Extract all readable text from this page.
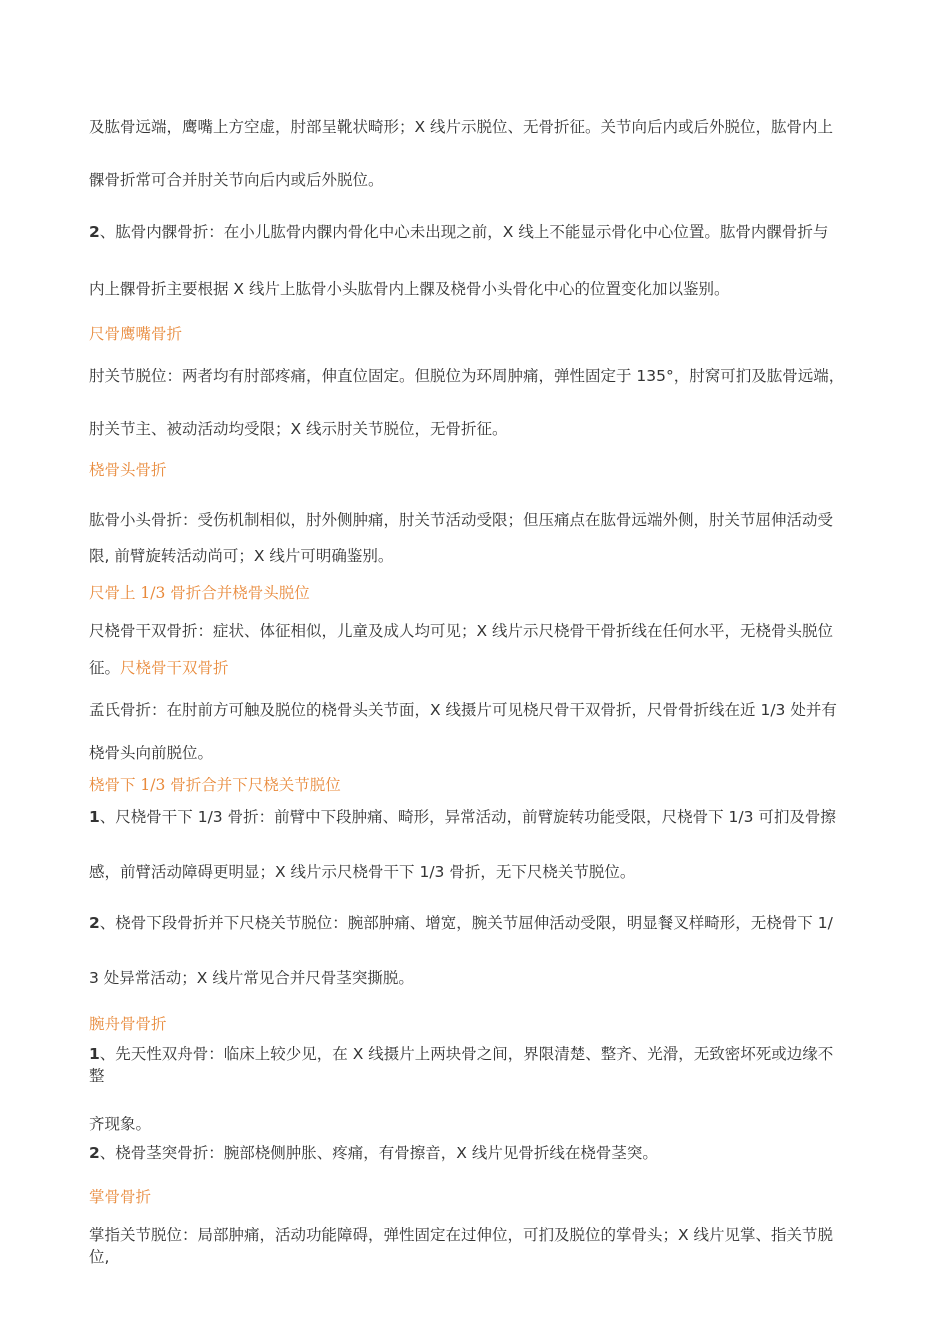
及肱骨远端，鹰嘴上方空虚，肘部呈靴状畸形；X 线片示脱位、无骨折征。关节向后内或后外脱位，肱骨内上
髁骨折常可合并肘关节向后内或后外脱位。
2、肱骨内髁骨折：在小儿肱骨内髁内骨化中心未出现之前，X 线上不能显示骨化中心位置。肱骨内髁骨折与
内上髁骨折主要根据 X 线片上肱骨小头肱骨内上髁及桡骨小头骨化中心的位置变化加以鉴别。
尺骨鹰嘴骨折
肘关节脱位：两者均有肘部疼痛，伸直位固定。但脱位为环周肿痛，弹性固定于 135°，肘窝可扪及肱骨远端，
肘关节主、被动活动均受限；X 线示肘关节脱位，无骨折征。
桡骨头骨折
肱骨小头骨折：受伤机制相似，肘外侧肿痛，肘关节活动受限；但压痛点在肱骨远端外侧，肘关节屈伸活动受
限, 前臂旋转活动尚可；X 线片可明确鉴别。
尺骨上 1/3 骨折合并桡骨头脱位
尺桡骨干双骨折：症状、体征相似，儿童及成人均可见；X 线片示尺桡骨干骨折线在任何水平，无桡骨头脱位
征。尺桡骨干双骨折
孟氏骨折：在肘前方可触及脱位的桡骨头关节面，X 线摄片可见桡尺骨干双骨折，尺骨骨折线在近 1/3 处并有
桡骨头向前脱位。
桡骨下 1/3 骨折合并下尺桡关节脱位
1、尺桡骨干下 1/3 骨折：前臂中下段肿痛、畸形，异常活动，前臂旋转功能受限，尺桡骨下 1/3 可扪及骨擦
感，前臂活动障碍更明显；X 线片示尺桡骨干下 1/3 骨折，无下尺桡关节脱位。
2、桡骨下段骨折并下尺桡关节脱位：腕部肿痛、增宽，腕关节屈伸活动受限，明显餐叉样畸形，无桡骨下 1/
3 处异常活动；X 线片常见合并尺骨茎突撕脱。
腕舟骨骨折
1、先天性双舟骨：临床上较少见，在 X 线摄片上两块骨之间，界限清楚、整齐、光滑，无致密坏死或边缘不
整
齐现象。
2、桡骨茎突骨折：腕部桡侧肿胀、疼痛，有骨擦音，X 线片见骨折线在桡骨茎突。
掌骨骨折
掌指关节脱位：局部肿痛，活动功能障碍，弹性固定在过伸位，可扪及脱位的掌骨头；X 线片见掌、指关节脱
位,
